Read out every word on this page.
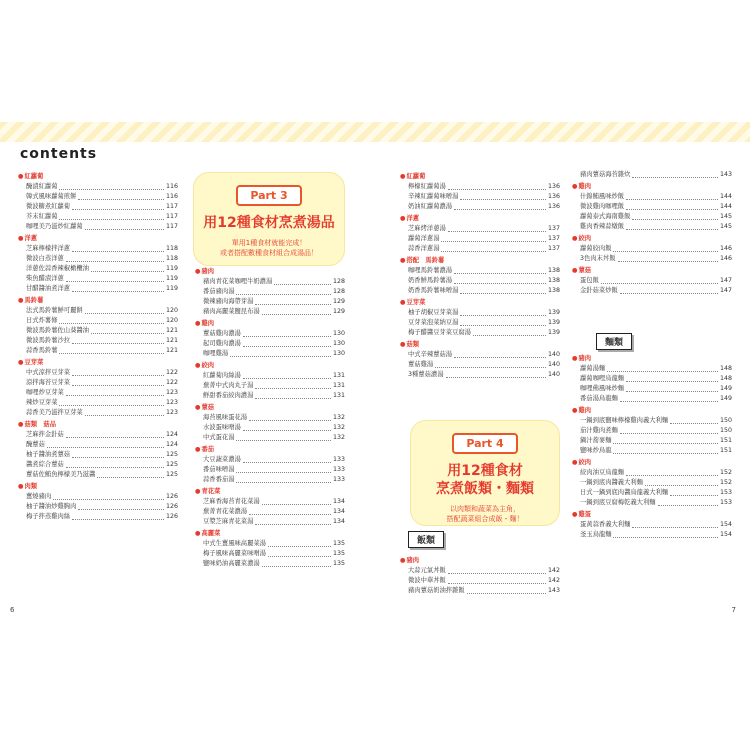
contents
● 紅蘿蔔
醃漬紅蘿蔔	116
韓式風味蘿蔔煎餅	116
微波糖煮紅蘿蔔	117
芥末紅蘿蔔	117
咖哩美乃滋炒紅蘿蔔	117
● 洋蔥
芝麻檸檬拌洋蔥	118
微波白蒸洋蔥	118
洋蔥佐蒜香辣椒橄欖油	119
柴魚醋漬洋蔥	119
甘醋醬油煮洋蔥	119
● 馬鈴薯
法式馬鈴薯鮮可麗餅	120
日式炸薯條	120
微波馬鈴薯佐山葵醬油	121
微波馬鈴薯沙拉	121
蒜香馬鈴薯	121
● 豆芽菜
中式涼拌豆芽菜	122
涼拌海苔豆芽菜	122
咖哩炒豆芽菜	123
辣炒豆芽菜	123
蒜香美乃滋拌豆芽菜	123
● 菇類　菇品
芝麻拌金針菇	124
醃蕈菇	124
柚子醬油煮蕈菇	125
醬煮綜合蕈菇	125
蕈菇佐鮪魚檸檬美乃滋醬	125
● 肉類
薑燒豬肉	126
柚子醬油炒雞胸肉	126
梅子拌蒸雞肉絲	126
Part 3
用12種食材烹煮湯品
單用1種食材就能完成！
或者搭配數種食材組合成湯品！
● 豬肉
豬肉青花菜咖哩牛奶濃湯	128
番茄豬肉湯	128
微辣豬肉海帶芽湯	129
豬肉高麗菜鹽昆布湯	129
● 雞肉
蕈菇雞肉濃湯	130
起司雞肉濃湯	130
咖哩雞湯	130
● 絞肉
紅蘿蔔肉絲湯	131
蕪菁中式肉丸子湯	131
鮮甜番茄絞肉濃湯	131
● 蕈菇
海苔風味蛋花湯	132
水波蛋味噌湯	132
中式蛋花湯	132
● 番茄
大豆蔬菜濃湯	133
番茄味噌湯	133
蒜香番茄湯	133
● 青花菜
芝麻香海苔青花菜湯	134
蕪菁青花菜濃湯	134
豆漿芝麻青花菜湯	134
● 高麗菜
中式生薑風味高麗菜湯	135
梅子風味高麗菜味噌湯	135
鹽味奶油高麗菜濃湯	135
● 紅蘿蔔
檸檬紅蘿蔔湯	136
辛辣紅蘿蔔味噌湯	136
奶油紅蘿蔔濃湯	136
● 洋蔥
芝麻烤洋蔥湯	137
蘿蔔洋蔥湯	137
蒜香洋蔥湯	137
● 搭配　馬鈴薯
咖哩馬鈴薯濃湯	138
奶香鮮馬鈴薯湯	138
奶香馬鈴薯味噌湯	138
● 豆芽菜
柚子胡椒豆芽菜湯	139
豆芽菜泡菜納豆湯	139
梅子醋醬豆芽菜豆腐湯	139
● 菇類
中式辛辣蕈菇湯	140
蕈菇雞湯	140
3種蕈菇濃湯	140
Part 4
用12種食材
烹煮飯類・麵類
以肉類和蔬菜為主角，
搭配蔬菜組合成飯・麵！
飯類
● 豬肉
大蒜元氣丼飯	142
微波中華丼飯	142
豬肉蕈菇奶油拌雜飯	143
豬肉蕈菇海苔雜炊	143
● 雞肉
什錦鮪風味炒飯	144
微波雞肉咖哩飯	144
蘿蔔泰式海南雞飯	145
雞肉香辣蒜燉飯	145
● 絞肉
蘿蔔絞肉飯	146
3色肉末丼飯	146
● 蕈菇
蛋包飯	147
金針菇菜炒飯	147
麵類
● 豬肉
蘿蔔湯麵	148
蘿蔔咖哩烏龍麵	148
咖哩佛風味炒麵	149
番茄湯烏龍麵	149
● 雞肉
一鍋到底鹽味檸檬雞肉義大利麵	150
茄汁雞肉煮麵	150
鍋汁蕎麥麵	151
鹽味炒烏龍	151
● 絞肉
絞肉油豆烏龍麵	152
一鍋到底肉醬義大利麵	152
日式一鍋到底肉醬烏龍義大利麵	153
一鍋到底豆腐梅乾義大利麵	153
● 雞蛋
蛋黃蒜香義大利麵	154
釜玉烏龍麵	154
6	7
